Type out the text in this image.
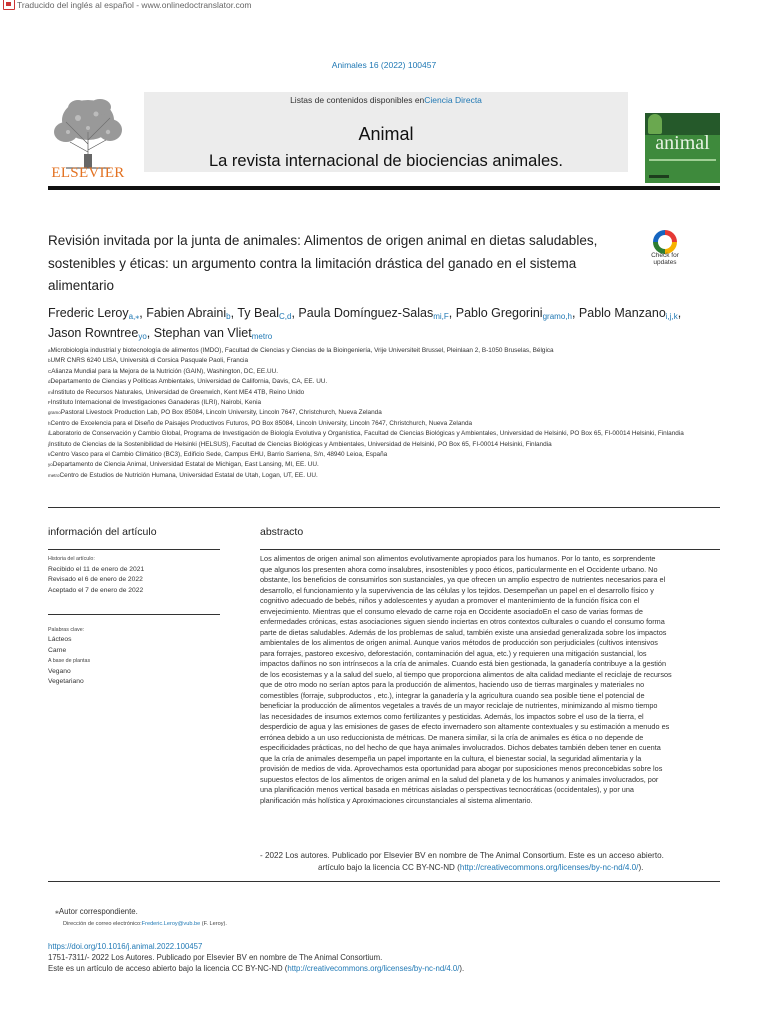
Traducido del inglés al español - www.onlinedoctranslator.com
Animales 16 (2022) 100457
ELSEVIER
Listas de contenidos disponibles enCiencia Directa
Animal
La revista internacional de biociencias animales.
animal
Revisión invitada por la junta de animales: Alimentos de origen animal en dietas saludables, sostenibles y éticas: un argumento contra la limitación drástica del ganado en el sistema alimentario
Check for updates
Frederic Leroy$_{a,⁎}$, Fabien Abraini$_b$, Ty Beal$_{C,d}$, Paula Domínguez-Salas$_{mi,F}$, Pablo Gregorini$_{gramo,h}$, Pablo Manzano$_{i,j,k}$, Jason Rowntree$_{yo}$, Stephan van Vliet$_{metro}$
aMicrobiología industrial y biotecnología de alimentos (IMDO), Facultad de Ciencias y Ciencias de la Bioingeniería, Vrije Universiteit Brussel, Pleinlaan 2, B-1050 Bruselas, Bélgica
bUMR CNRS 6240 LISA, Università di Corsica Pasquale Paoli, Francia
CAlianza Mundial para la Mejora de la Nutrición (GAIN), Washington, DC, EE.UU.
dDepartamento de Ciencias y Políticas Ambientales, Universidad de California, Davis, CA, EE. UU.
miInstituto de Recursos Naturales, Universidad de Greenwich, Kent ME4 4TB, Reino Unido
FInstituto Internacional de Investigaciones Ganaderas (ILRI), Nairobi, Kenia
gramoPastoral Livestock Production Lab, PO Box 85084, Lincoln University, Lincoln 7647, Christchurch, Nueva Zelanda
hCentro de Excelencia para el Diseño de Paisajes Productivos Futuros, PO Box 85084, Lincoln University, Lincoln 7647, Christchurch, Nueva Zelanda
iLaboratorio de Conservación y Cambio Global, Programa de Investigación de Biología Evolutiva y Organística, Facultad de Ciencias Biológicas y Ambientales, Universidad de Helsinki, PO Box 65, FI-00014 Helsinki, Finlandia
jInstituto de Ciencias de la Sostenibilidad de Helsinki (HELSUS), Facultad de Ciencias Biológicas y Ambientales, Universidad de Helsinki, PO Box 65, FI-00014 Helsinki, Finlandia
kCentro Vasco para el Cambio Climático (BC3), Edificio Sede, Campus EHU, Barrio Sarriena, S/n, 48940 Leioa, España
yoDepartamento de Ciencia Animal, Universidad Estatal de Michigan, East Lansing, MI, EE. UU.
metroCentro de Estudios de Nutrición Humana, Universidad Estatal de Utah, Logan, UT, EE. UU.
información del artículo	abstracto
Historia del artículo:
Recibido el 11 de enero de 2021
Revisado el 6 de enero de 2022
Aceptado el 7 de enero de 2022
Palabras clave:
Lácteos
Carne
A base de plantas
Vegano
Vegetariano
Los alimentos de origen animal son alimentos evolutivamente apropiados para los humanos. Por lo tanto, es sorprendente
que algunos los presenten ahora como insalubres, insostenibles y poco éticos, particularmente en el Occidente urbano. No
obstante, los beneficios de consumirlos son sustanciales, ya que ofrecen un amplio espectro de nutrientes necesarios para el
desarrollo, el funcionamiento y la supervivencia de las células y los tejidos. Desempeñan un papel en el desarrollo físico y
cognitivo adecuado de bebés, niños y adolescentes y ayudan a promover el mantenimiento de la función física con el
envejecimiento. Mientras que el consumo elevado de carne roja en Occidente asociadoEn el caso de varias formas de
enfermedades crónicas, estas asociaciones siguen siendo inciertas en otros contextos culturales o cuando el consumo forma
parte de dietas saludables. Además de los problemas de salud, también existe una ansiedad generalizada sobre los impactos
ambientales de los alimentos de origen animal. Aunque varios métodos de producción son perjudiciales (cultivos intensivos
para forrajes, pastoreo excesivo, deforestación, contaminación del agua, etc.) y requieren una mitigación sustancial, los
impactos dañinos no son intrínsecos a la cría de animales. Cuando está bien gestionada, la ganadería contribuye a la gestión
de los ecosistemas y a la salud del suelo, al tiempo que proporciona alimentos de alta calidad mediante el reciclaje de recursos
que de otro modo no serían aptos para la producción de alimentos, haciendo uso de tierras marginales y materiales no
comestibles (forraje, subproductos , etc.), integrar la ganadería y la agricultura cuando sea posible tiene el potencial de
beneficiar la producción de alimentos vegetales a través de un mayor reciclaje de nutrientes, minimizando al mismo tiempo
las necesidades de insumos externos como fertilizantes y pesticidas. Además, los impactos sobre el uso de la tierra, el
desperdicio de agua y las emisiones de gases de efecto invernadero son altamente contextuales y su estimación a menudo es
errónea debido a un uso reduccionista de métricas. De manera similar, si la cría de animales es ética o no depende de
especificidades prácticas, no del hecho de que haya animales involucrados. Dichos debates también deben tener en cuenta
que la cría de animales desempeña un papel importante en la cultura, el bienestar social, la seguridad alimentaria y la
provisión de medios de vida. Aprovechamos esta oportunidad para abogar por suposiciones menos preconcebidas sobre los
supuestos efectos de los alimentos de origen animal en la salud del planeta y de los humanos y animales involucrados, por
una planificación menos vertical basada en métricas aisladas o perspectivas tecnocráticas (occidentales), y por una
planificación más holística y Aproximaciones circunstanciales al sistema alimentario.
- 2022 Los autores. Publicado por Elsevier BV en nombre de The Animal Consortium. Este es un acceso abierto.
artículo bajo la licencia CC BY-NC-ND (http://creativecommons.org/licenses/by-nc-nd/4.0/).
⁎Autor correspondiente.
Dirección de correo electrónico:Frederic.Leroy@vub.be (F. Leroy).
https://doi.org/10.1016/j.animal.2022.100457
1751-7311/- 2022 Los Autores. Publicado por Elsevier BV en nombre de The Animal Consortium.
Este es un artículo de acceso abierto bajo la licencia CC BY-NC-ND (http://creativecommons.org/licenses/by-nc-nd/4.0/).
